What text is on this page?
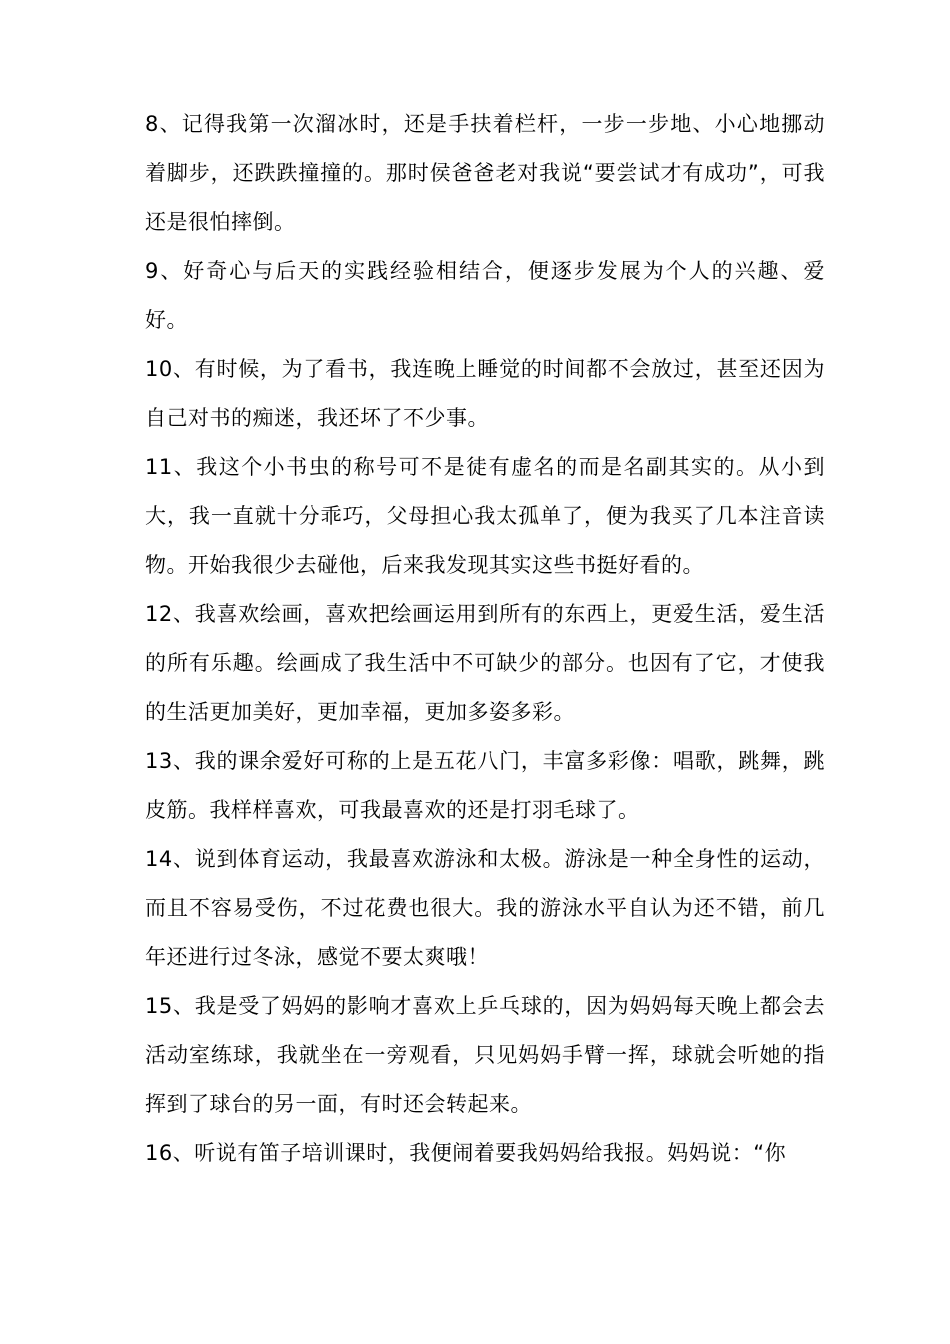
8、记得我第一次溜冰时，还是手扶着栏杆，一步一步地、小心地挪动着脚步，还跌跌撞撞的。那时侯爸爸老对我说“要尝试才有成功”，可我还是很怕摔倒。

9、好奇心与后天的实践经验相结合，便逐步发展为个人的兴趣、爱好。

10、有时候，为了看书，我连晚上睡觉的时间都不会放过，甚至还因为自己对书的痴迷，我还坏了不少事。

11、我这个小书虫的称号可不是徒有虚名的而是名副其实的。从小到大，我一直就十分乖巧，父母担心我太孤单了，便为我买了几本注音读物。开始我很少去碰他，后来我发现其实这些书挺好看的。

12、我喜欢绘画，喜欢把绘画运用到所有的东西上，更爱生活，爱生活的所有乐趣。绘画成了我生活中不可缺少的部分。也因有了它，才使我的生活更加美好，更加幸福，更加多姿多彩。

13、我的课余爱好可称的上是五花八门，丰富多彩像：唱歌，跳舞，跳皮筋。我样样喜欢，可我最喜欢的还是打羽毛球了。

14、说到体育运动，我最喜欢游泳和太极。游泳是一种全身性的运动，而且不容易受伤，不过花费也很大。我的游泳水平自认为还不错，前几年还进行过冬泳，感觉不要太爽哦！

15、我是受了妈妈的影响才喜欢上乒乓球的，因为妈妈每天晚上都会去活动室练球，我就坐在一旁观看，只见妈妈手臂一挥，球就会听她的指挥到了球台的另一面，有时还会转起来。

16、听说有笛子培训课时，我便闹着要我妈妈给我报。妈妈说：“你
